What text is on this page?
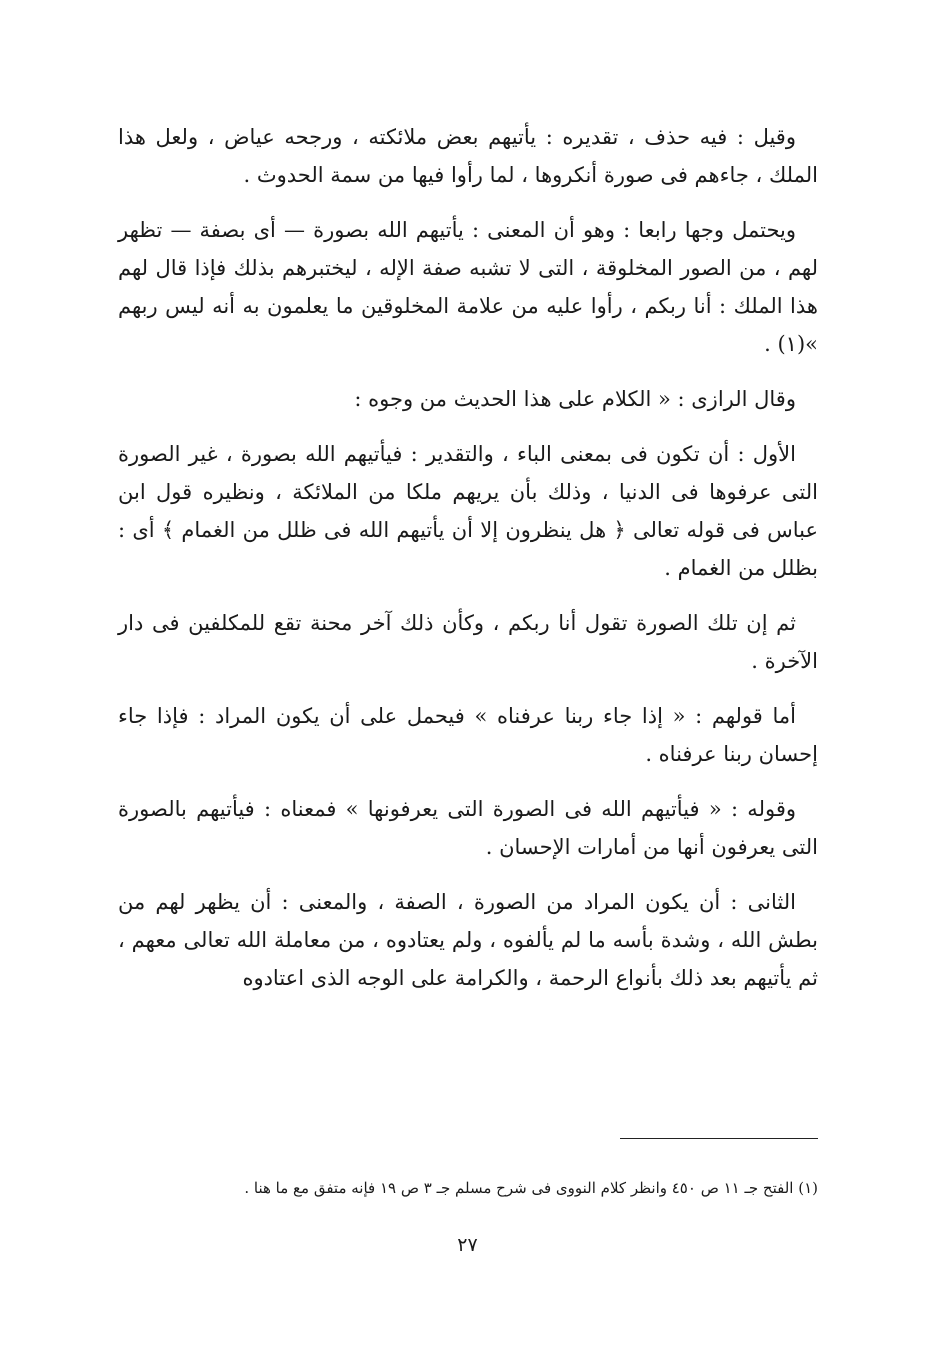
وقيل : فيه حذف ، تقديره : يأتيهم بعض ملائكته ، ورجحه عياض ، ولعل هذا الملك ، جاءهم فى صورة أنكروها ، لما رأوا فيها من سمة الحدوث .

ويحتمل وجها رابعا : وهو أن المعنى : يأتيهم الله بصورة — أى بصفة — تظهر لهم ، من الصور المخلوقة ، التى لا تشبه صفة الإله ، ليختبرهم بذلك فإذا قال لهم هذا الملك : أنا ربكم ، رأوا عليه من علامة المخلوقين ما يعلمون به أنه ليس ربهم »(١) .

وقال الرازى : « الكلام على هذا الحديث من وجوه :

الأول : أن تكون فى بمعنى الباء ، والتقدير : فيأتيهم الله بصورة ، غير الصورة التى عرفوها فى الدنيا ، وذلك بأن يريهم ملكا من الملائكة ، ونظيره قول ابن عباس فى قوله تعالى ﴿ هل ينظرون إلا أن يأتيهم الله فى ظلل من الغمام ﴾ أى : بظلل من الغمام .

ثم إن تلك الصورة تقول أنا ربكم ، وكأن ذلك آخر محنة تقع للمكلفين فى دار الآخرة .

أما قولهم : « إذا جاء ربنا عرفناه » فيحمل على أن يكون المراد : فإذا جاء إحسان ربنا عرفناه .

وقوله : « فيأتيهم الله فى الصورة التى يعرفونها » فمعناه : فيأتيهم بالصورة التى يعرفون أنها من أمارات الإحسان .

الثانى : أن يكون المراد من الصورة ، الصفة ، والمعنى : أن يظهر لهم من بطش الله ، وشدة بأسه ما لم يألفوه ، ولم يعتادوه ، من معاملة الله تعالى معهم ، ثم يأتيهم بعد ذلك بأنواع الرحمة ، والكرامة على الوجه الذى اعتادوه

(١) الفتح جـ ١١ ص ٤٥٠ وانظر كلام النووى فى شرح مسلم جـ ٣ ص ١٩ فإنه متفق مع ما هنا .
٢٧
